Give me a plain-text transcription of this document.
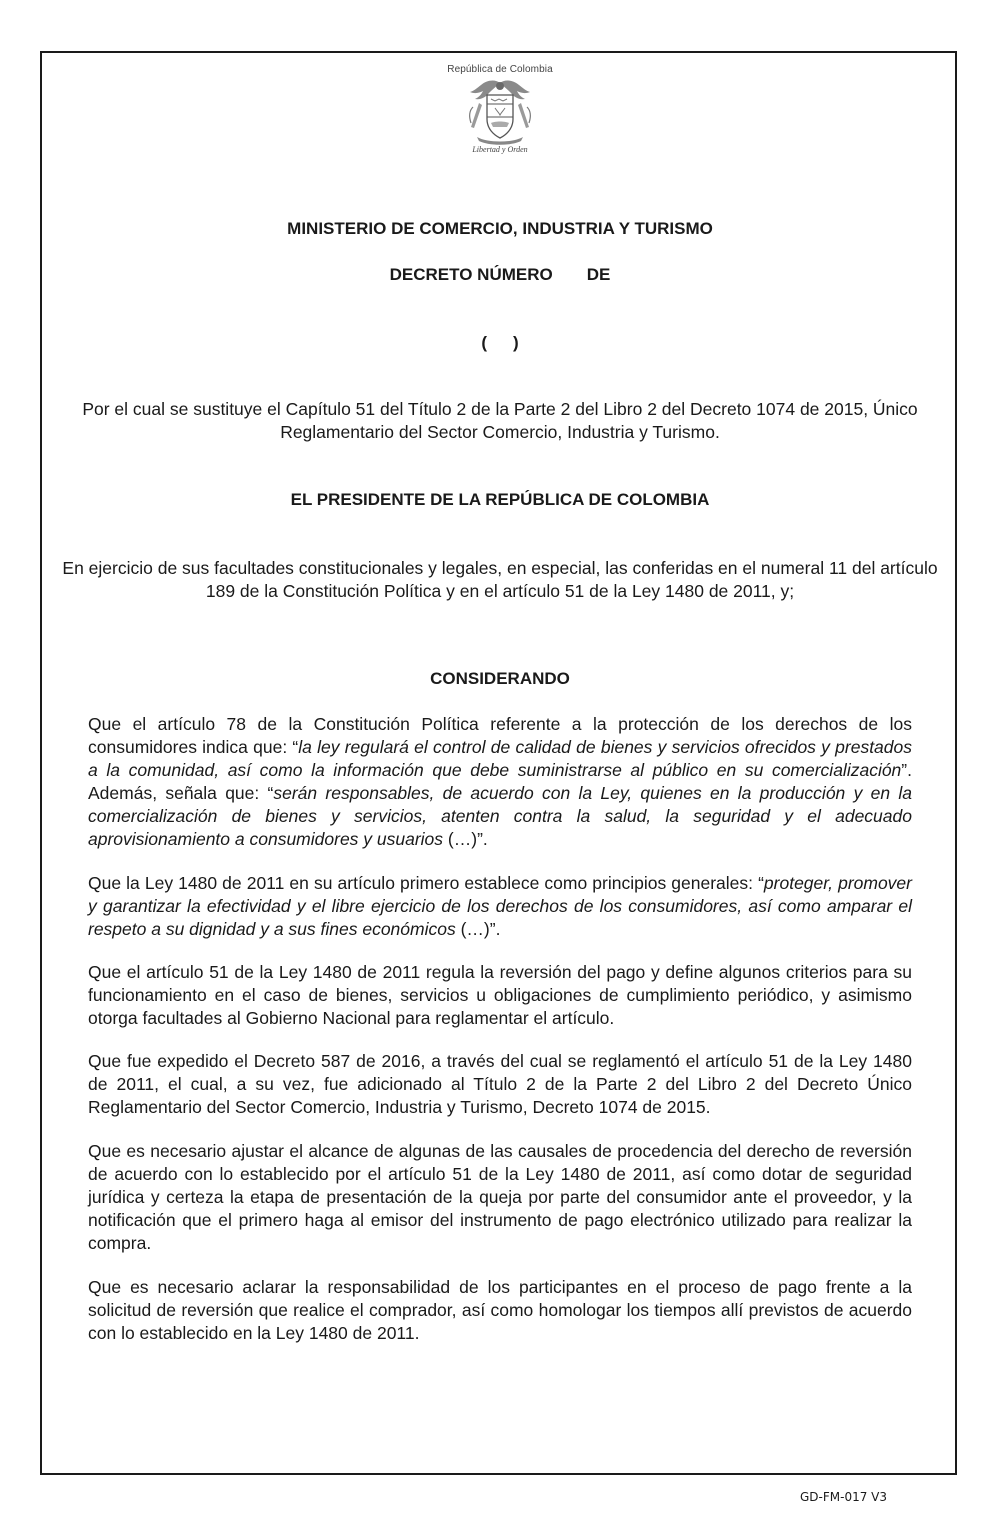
República de Colombia
Libertad y Orden
MINISTERIO DE COMERCIO, INDUSTRIA Y TURISMO
DECRETO NÚMERO DE
( )
Por el cual se sustituye el Capítulo 51 del Título 2 de la Parte 2 del Libro 2 del Decreto 1074 de 2015, Único Reglamentario del Sector Comercio, Industria y Turismo.
EL PRESIDENTE DE LA REPÚBLICA DE COLOMBIA
En ejercicio de sus facultades constitucionales y legales, en especial, las conferidas en el numeral 11 del artículo 189 de la Constitución Política y en el artículo 51 de la Ley 1480 de 2011, y;
CONSIDERANDO
Que el artículo 78 de la Constitución Política referente a la protección de los derechos de los consumidores indica que: “la ley regulará el control de calidad de bienes y servicios ofrecidos y prestados a la comunidad, así como la información que debe suministrarse al público en su comercialización”. Además, señala que: “serán responsables, de acuerdo con la Ley, quienes en la producción y en la comercialización de bienes y servicios, atenten contra la salud, la seguridad y el adecuado aprovisionamiento a consumidores y usuarios (…)”.
Que la Ley 1480 de 2011 en su artículo primero establece como principios generales: “proteger, promover y garantizar la efectividad y el libre ejercicio de los derechos de los consumidores, así como amparar el respeto a su dignidad y a sus fines económicos (…)”.
Que el artículo 51 de la Ley 1480 de 2011 regula la reversión del pago y define algunos criterios para su funcionamiento en el caso de bienes, servicios u obligaciones de cumplimiento periódico, y asimismo otorga facultades al Gobierno Nacional para reglamentar el artículo.
Que fue expedido el Decreto 587 de 2016, a través del cual se reglamentó el artículo 51 de la Ley 1480 de 2011, el cual, a su vez, fue adicionado al Título 2 de la Parte 2 del Libro 2 del Decreto Único Reglamentario del Sector Comercio, Industria y Turismo, Decreto 1074 de 2015.
Que es necesario ajustar el alcance de algunas de las causales de procedencia del derecho de reversión de acuerdo con lo establecido por el artículo 51 de la Ley 1480 de 2011, así como dotar de seguridad jurídica y certeza la etapa de presentación de la queja por parte del consumidor ante el proveedor, y la notificación que el primero haga al emisor del instrumento de pago electrónico utilizado para realizar la compra.
Que es necesario aclarar la responsabilidad de los participantes en el proceso de pago frente a la solicitud de reversión que realice el comprador, así como homologar los tiempos allí previstos de acuerdo con lo establecido en la Ley 1480 de 2011.
GD-FM-017 V3
